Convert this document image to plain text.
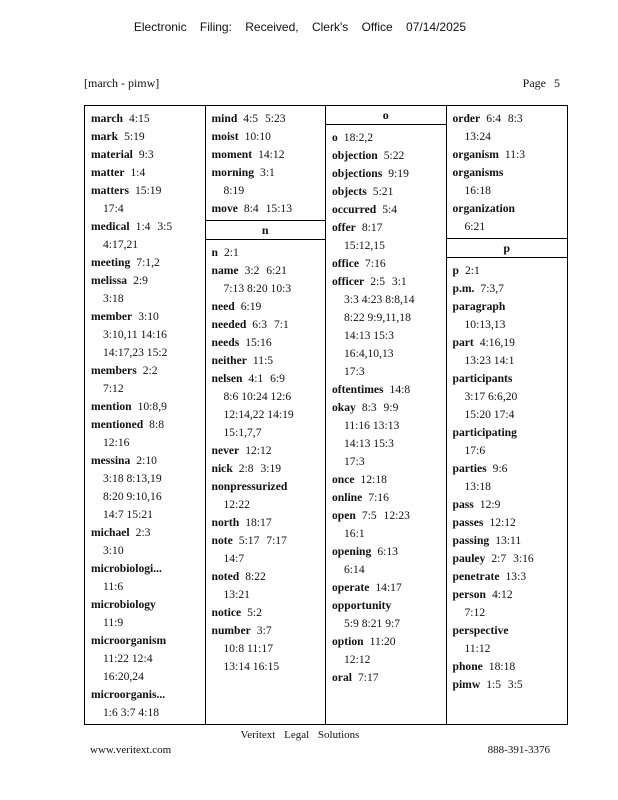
Electronic Filing: Received, Clerk's Office 07/14/2025
[march - pimw]	Page 5
march 4:15
mark 5:19
material 9:3
matter 1:4
matters 15:19
17:4
medical 1:4 3:5
4:17,21
meeting 7:1,2
melissa 2:9
3:18
member 3:10
3:10,11 14:16
14:17,23 15:2
members 2:2
7:12
mention 10:8,9
mentioned 8:8
12:16
messina 2:10
3:18 8:13,19
8:20 9:10,16
14:7 15:21
michael 2:3
3:10
microbiologi...
11:6
microbiology
11:9
microorganism
11:22 12:4
16:20,24
microorganis...
1:6 3:7 4:18
mind 4:5 5:23
moist 10:10
moment 14:12
morning 3:1
8:19
move 8:4 15:13
n
n 2:1
name 3:2 6:21
7:13 8:20 10:3
need 6:19
needed 6:3 7:1
needs 15:16
neither 11:5
nelsen 4:1 6:9
8:6 10:24 12:6
12:14,22 14:19
15:1,7,7
never 12:12
nick 2:8 3:19
nonpressurized
12:22
north 18:17
note 5:17 7:17
14:7
noted 8:22
13:21
notice 5:2
number 3:7
10:8 11:17
13:14 16:15
o
o 18:2,2
objection 5:22
objections 9:19
objects 5:21
occurred 5:4
offer 8:17
15:12,15
office 7:16
officer 2:5 3:1
3:3 4:23 8:8,14
8:22 9:9,11,18
14:13 15:3
16:4,10,13
17:3
oftentimes 14:8
okay 8:3 9:9
11:16 13:13
14:13 15:3
17:3
once 12:18
online 7:16
open 7:5 12:23
16:1
opening 6:13
6:14
operate 14:17
opportunity
5:9 8:21 9:7
option 11:20
12:12
oral 7:17
order 6:4 8:3
13:24
organism 11:3
organisms
16:18
organization
6:21
p
p 2:1
p.m. 7:3,7
paragraph
10:13,13
part 4:16,19
13:23 14:1
participants
3:17 6:6,20
15:20 17:4
participating
17:6
parties 9:6
13:18
pass 12:9
passes 12:12
passing 13:11
pauley 2:7 3:16
penetrate 13:3
person 4:12
7:12
perspective
11:12
phone 18:18
pimw 1:5 3:5
Veritext Legal Solutions
www.veritext.com	888-391-3376
